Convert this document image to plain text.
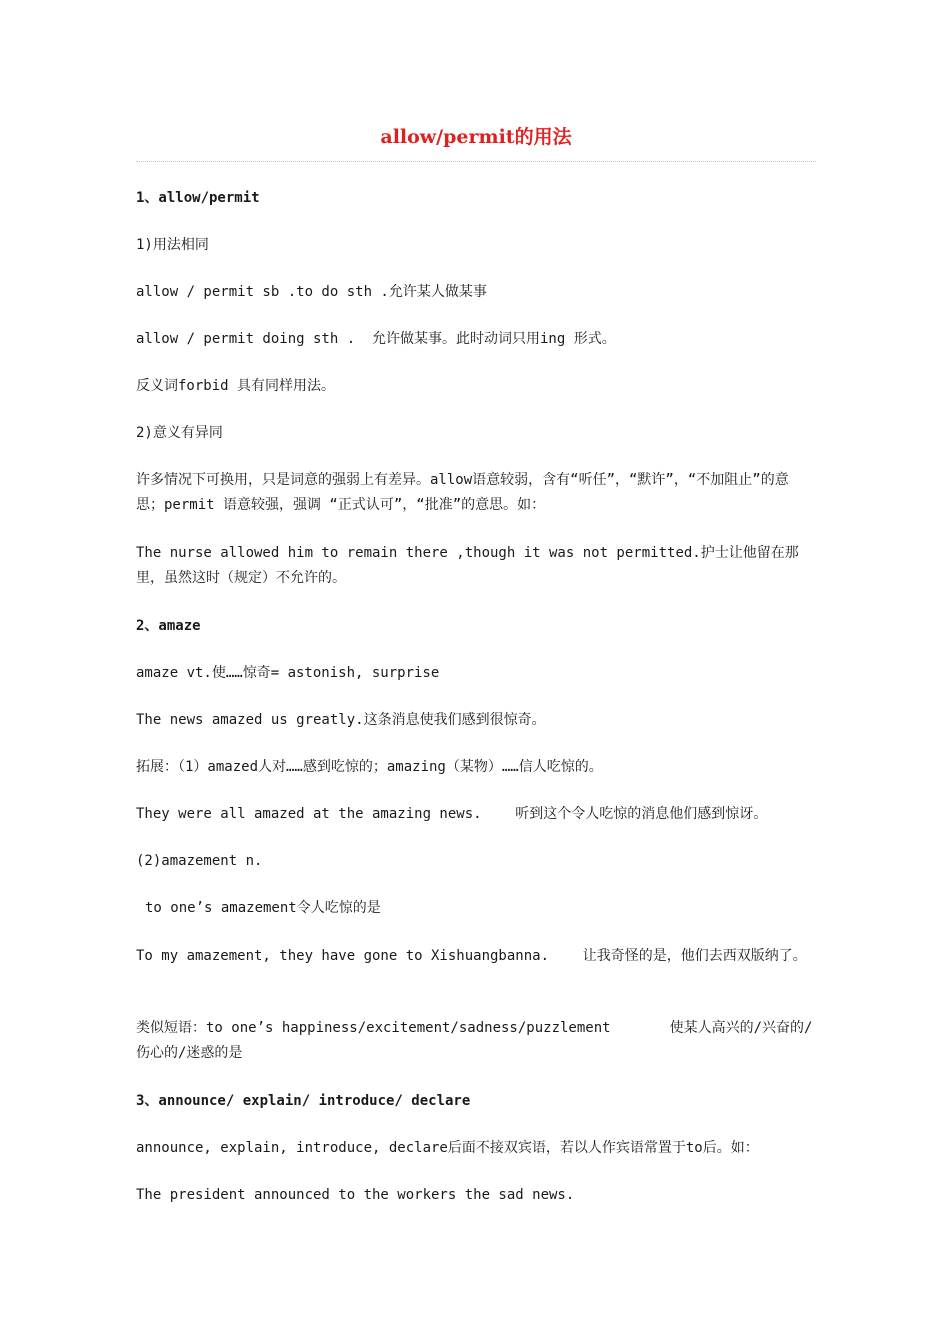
allow/permit的用法

1、allow/permit

1)用法相同

allow / permit sb .to do sth .允许某人做某事

allow / permit doing sth .  允许做某事。此时动词只用ing 形式。

反义词forbid 具有同样用法。

2)意义有异同

许多情况下可换用，只是词意的强弱上有差异。allow语意较弱，含有“听任”，“默许”，“不加阻止”的意思；permit 语意较强，强调 “正式认可”，“批准”的意思。如：

The nurse allowed him to remain there ,though it was not permitted.护士让他留在那里，虽然这时（规定）不允许的。

2、amaze

amaze vt.使……惊奇= astonish, surprise

The news amazed us greatly.这条消息使我们感到很惊奇。

拓展：（1）amazed人对……感到吃惊的；amazing（某物）……信人吃惊的。

They were all amazed at the amazing news.    听到这个令人吃惊的消息他们感到惊讶。

(2)amazement n.

to one’s amazement令人吃惊的是

To my amazement, they have gone to Xishuangbanna.    让我奇怪的是，他们去西双版纳了。

类似短语：to one’s happiness/excitement/sadness/puzzlement       使某人高兴的/兴奋的/伤心的/迷惑的是

3、announce/ explain/ introduce/ declare

announce, explain, introduce, declare后面不接双宾语，若以人作宾语常置于to后。如：

The president announced to the workers the sad news.
